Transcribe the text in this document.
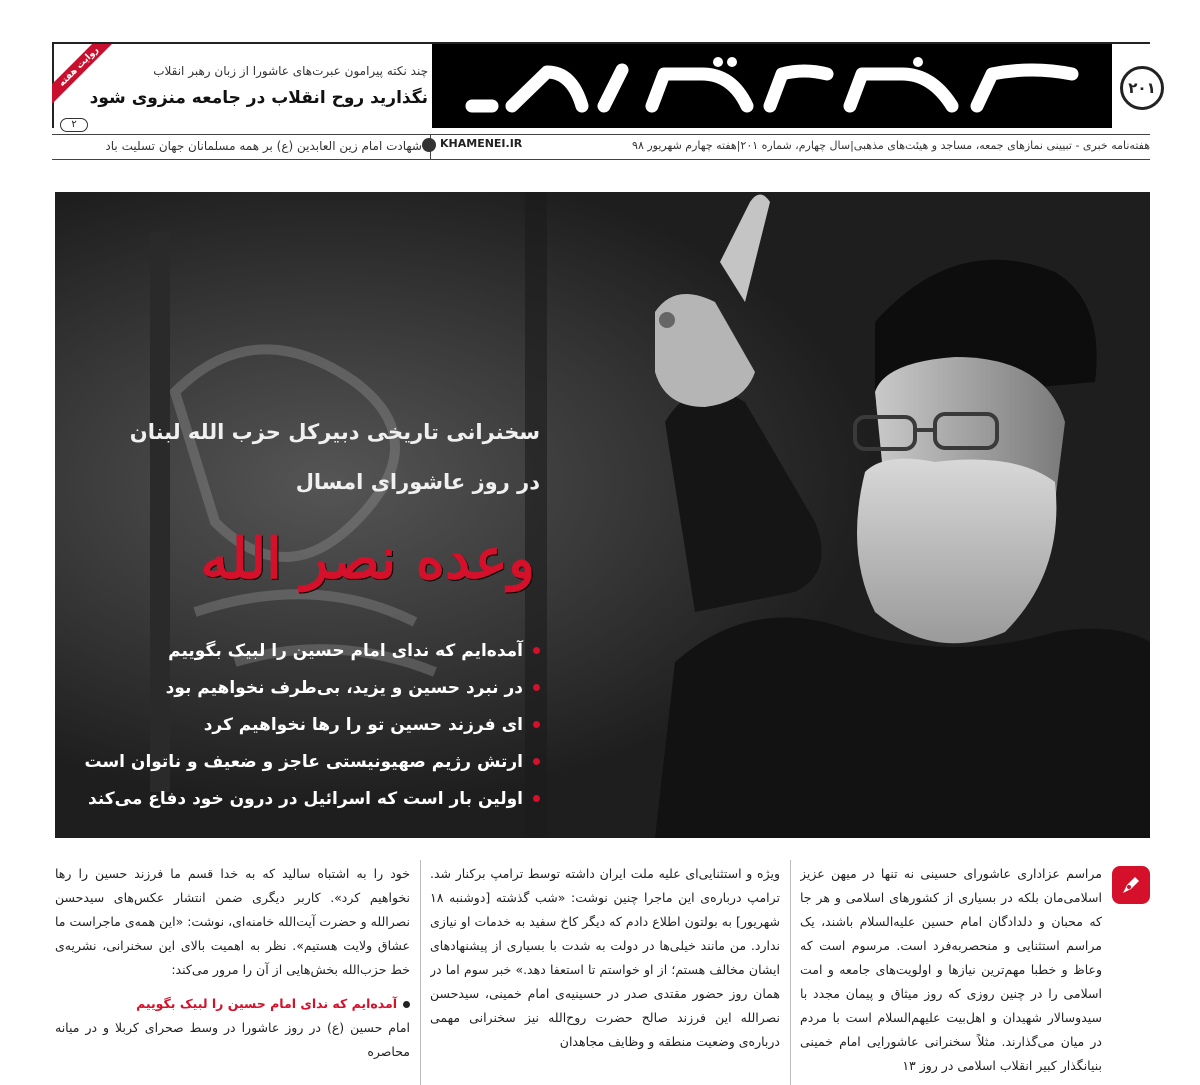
۲۰۱
روایت هفته	چند نکته پیرامون عبرت‌های عاشورا از زبان رهبر انقلاب
نگذارید روح انقلاب در جامعه منزوی شود
۲
هفته‌نامه خبری - تبیینی نمازهای جمعه، مساجد و هیئت‌های مذهبی|سال چهارم، شماره ۲۰۱|هفته چهارم شهریور ۹۸
KHAMENEI.IR
شهادت امام زین العابدین (ع) بر همه مسلمانان جهان تسلیت باد
سخنرانی تاریخی دبیرکل حزب الله لبنان
در روز عاشورای امسال
وعده نصر الله
آمده‌ایم که ندای امام حسین را لبیک بگوییم
در نبرد حسین و یزید، بی‌طرف نخواهیم بود
ای فرزند حسین تو را رها نخواهیم کرد
ارتش رژیم صهیونیستی عاجز و ضعیف و ناتوان است
اولین بار است که اسرائیل در درون خود دفاع می‌کند
مراسم عزاداری عاشورای حسینی نه تنها در میهن عزیز اسلامی‌مان بلکه در بسیاری از کشورهای اسلامی و هر جا که محبان و دلدادگان امام حسین علیه‌السلام باشند، یک مراسم استثنایی و منحصربه‌فرد است. مرسوم است که وعاظ و خطبا مهم‌ترین نیازها و اولویت‌های جامعه و امت اسلامی را در چنین روزی که روز میثاق و پیمان مجدد با سیدوسالار شهیدان و اهل‌بیت علیهم‌السلام است با مردم در میان می‌گذارند. مثلاً سخنرانی عاشورایی امام خمینی بنیانگذار کبیر انقلاب اسلامی در روز ۱۳
ویژه و استثنایی‌ای علیه ملت ایران داشته توسط ترامپ برکنار شد. ترامپ درباره‌ی این ماجرا چنین نوشت: «شب گذشته [دوشنبه ۱۸ شهریور] به بولتون اطلاع دادم که دیگر کاخ سفید به خدمات او نیازی ندارد. من مانند خیلی‌ها در دولت به شدت با بسیاری از پیشنهادهای ایشان مخالف هستم؛ از او خواستم تا استعفا دهد.» خبر سوم اما در همان روز حضور مقتدی صدر در حسینیه‌ی امام خمینی، سیدحسن نصرالله این فرزند صالح حضرت روح‌الله نیز سخنرانی مهمی درباره‌ی وضعیت منطقه و وظایف مجاهدان
خود را به اشتباه سالید که به خدا قسم ما فرزند حسین را رها نخواهیم کرد». کاربر دیگری ضمن انتشار عکس‌های سیدحسن نصرالله و حضرت آیت‌الله خامنه‌ای، نوشت: «این همه‌ی ماجراست ما عشاق ولایت هستیم». نظر به اهمیت بالای این سخنرانی، نشریه‌ی خط حزب‌الله بخش‌هایی از آن را مرور می‌کند:
آمده‌ایم که ندای امام حسین را لبیک بگوییم
امام حسین (ع) در روز عاشورا در وسط صحرای کربلا و در میانه محاصره
